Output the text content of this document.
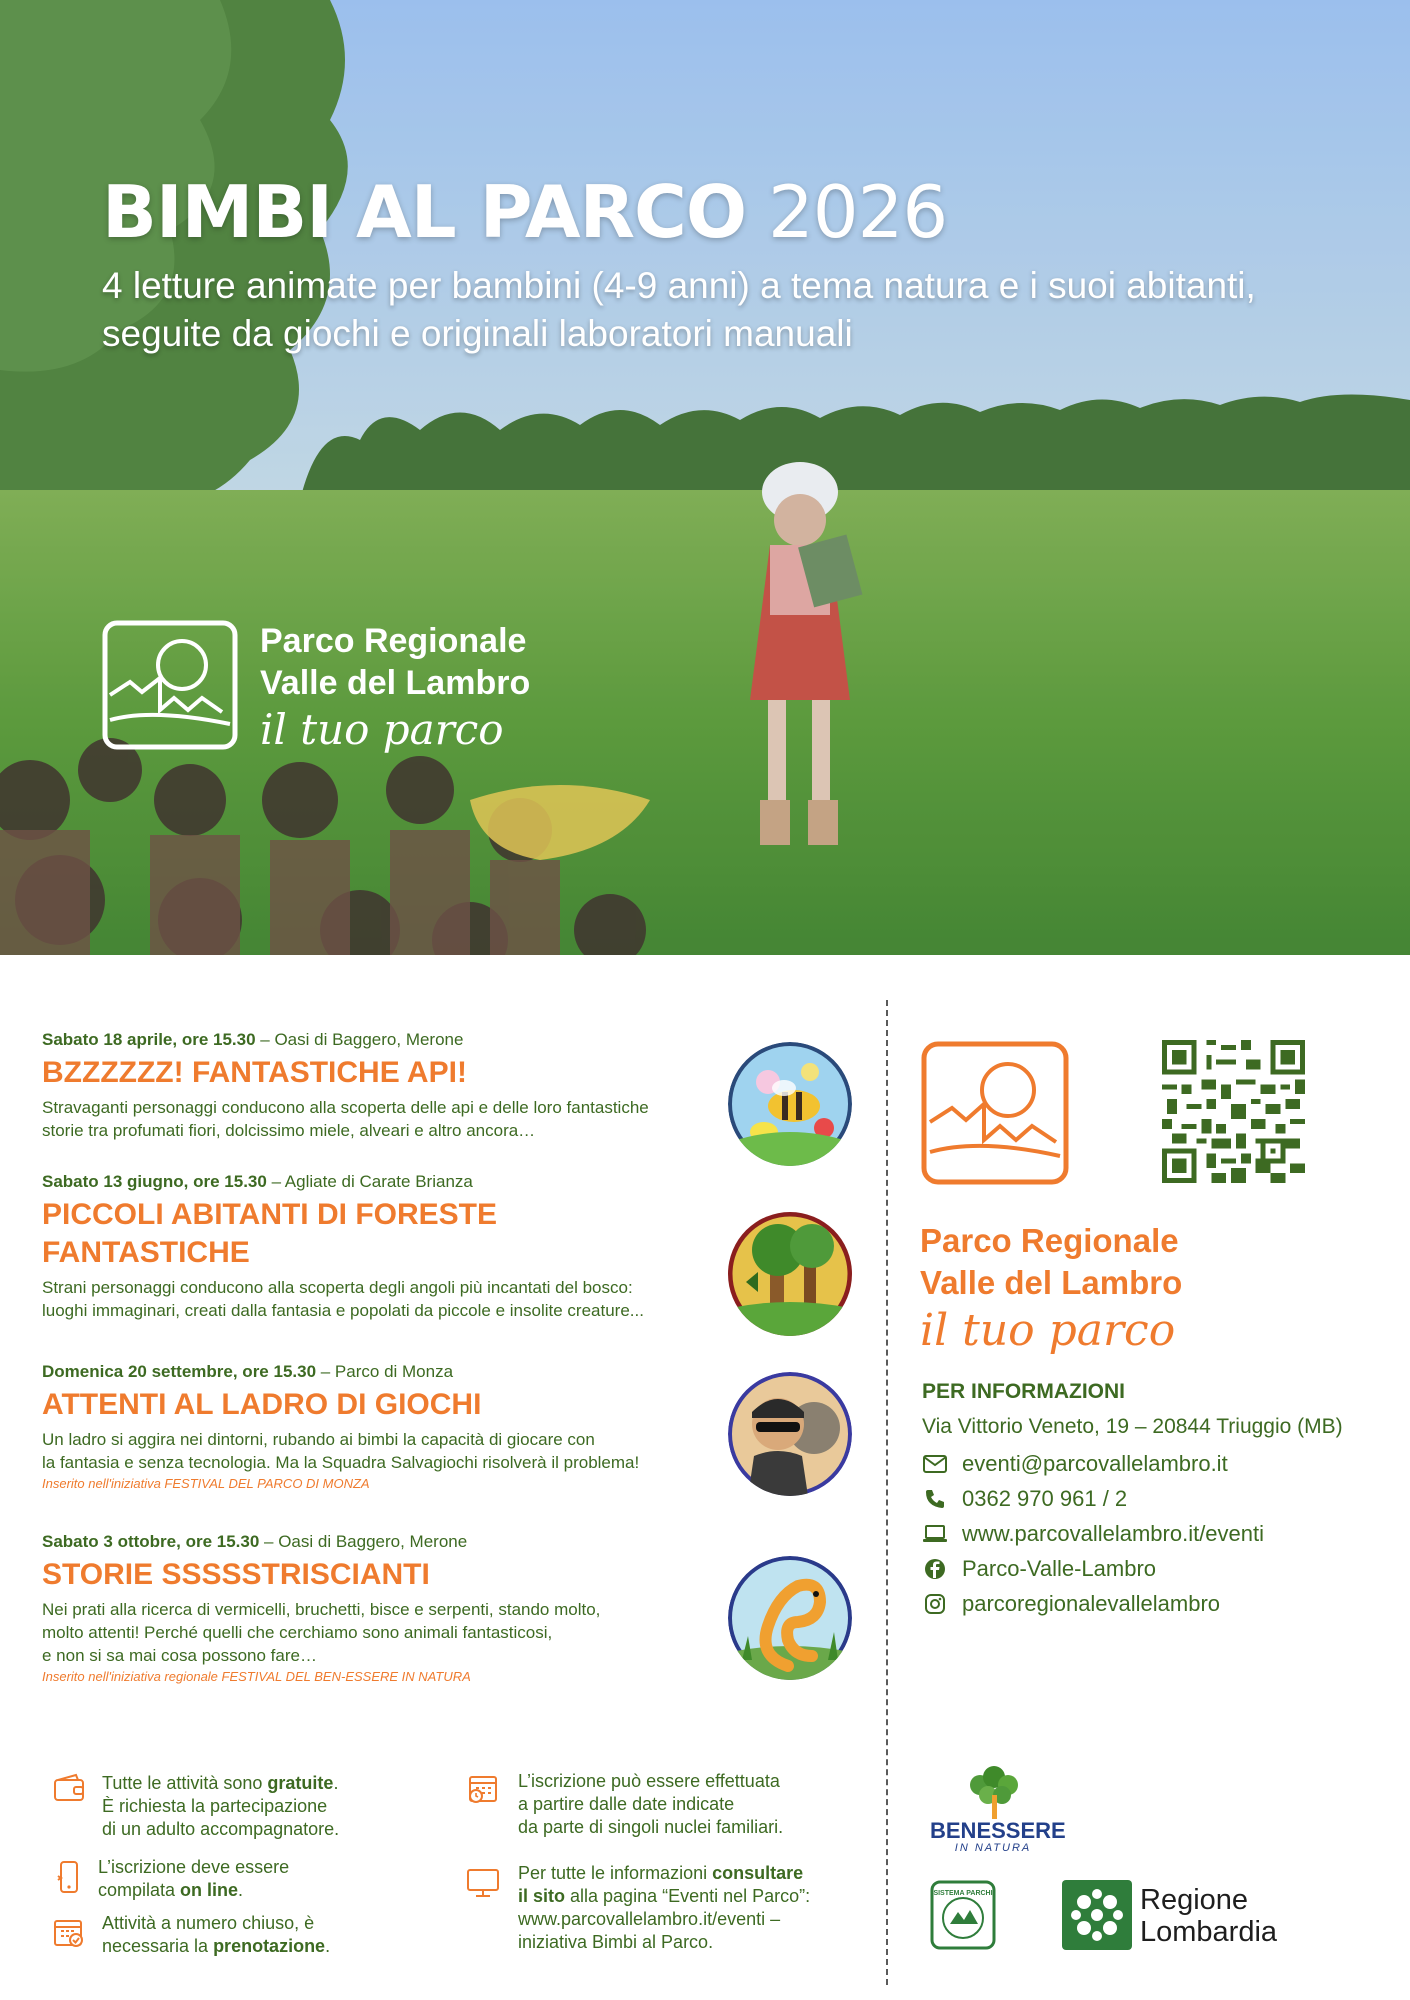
BIMBI AL PARCO 2026
4 letture animate per bambini (4-9 anni) a tema natura e i suoi abitanti, seguite da giochi e originali laboratori manuali
Parco Regionale
Valle del Lambro
il tuo parco
Sabato 18 aprile, ore 15.30 – Oasi di Baggero, Merone
BZZZZZZ! FANTASTICHE API!
Stravaganti personaggi conducono alla scoperta delle api e delle loro fantastiche
storie tra profumati fiori, dolcissimo miele, alveari e altro ancora…
Sabato 13 giugno, ore 15.30 – Agliate di Carate Brianza
PICCOLI ABITANTI DI FORESTE FANTASTICHE
Strani personaggi conducono alla scoperta degli angoli più incantati del bosco:
luoghi immaginari, creati dalla fantasia e popolati da piccole e insolite creature...
Domenica 20 settembre, ore 15.30 – Parco di Monza
ATTENTI AL LADRO DI GIOCHI
Un ladro si aggira nei dintorni, rubando ai bimbi la capacità di giocare con
la fantasia e senza tecnologia. Ma la Squadra Salvagiochi risolverà il problema!
Inserito nell'iniziativa FESTIVAL DEL PARCO DI MONZA
Sabato 3 ottobre, ore 15.30 – Oasi di Baggero, Merone
STORIE SSSSSTRISCIANTI
Nei prati alla ricerca di vermicelli, bruchetti, bisce e serpenti, stando molto,
molto attenti! Perché quelli che cerchiamo sono animali fantasticosi,
e non si sa mai cosa possono fare…
Inserito nell'iniziativa regionale FESTIVAL DEL BEN-ESSERE IN NATURA
Parco Regionale
Valle del Lambro
il tuo parco
PER INFORMAZIONI
Via Vittorio Veneto, 19 – 20844 Triuggio (MB)
eventi@parcovallelambro.it
0362 970 961 / 2
www.parcovallelambro.it/eventi
Parco-Valle-Lambro
parcoregionalevallelambro
Tutte le attività sono gratuite.
È richiesta la partecipazione
di un adulto accompagnatore.
L’iscrizione deve essere
compilata on line.
Attività a numero chiuso, è
necessaria la prenotazione.
L’iscrizione può essere effettuata
a partire dalle date indicate
da parte di singoli nuclei familiari.
Per tutte le informazioni consultare
il sito alla pagina “Eventi nel Parco”:
www.parcovallelambro.it/eventi –
iniziativa Bimbi al Parco.
BENESSERE
IN NATURA
SISTEMA PARCHI	Regione
Lombardia
